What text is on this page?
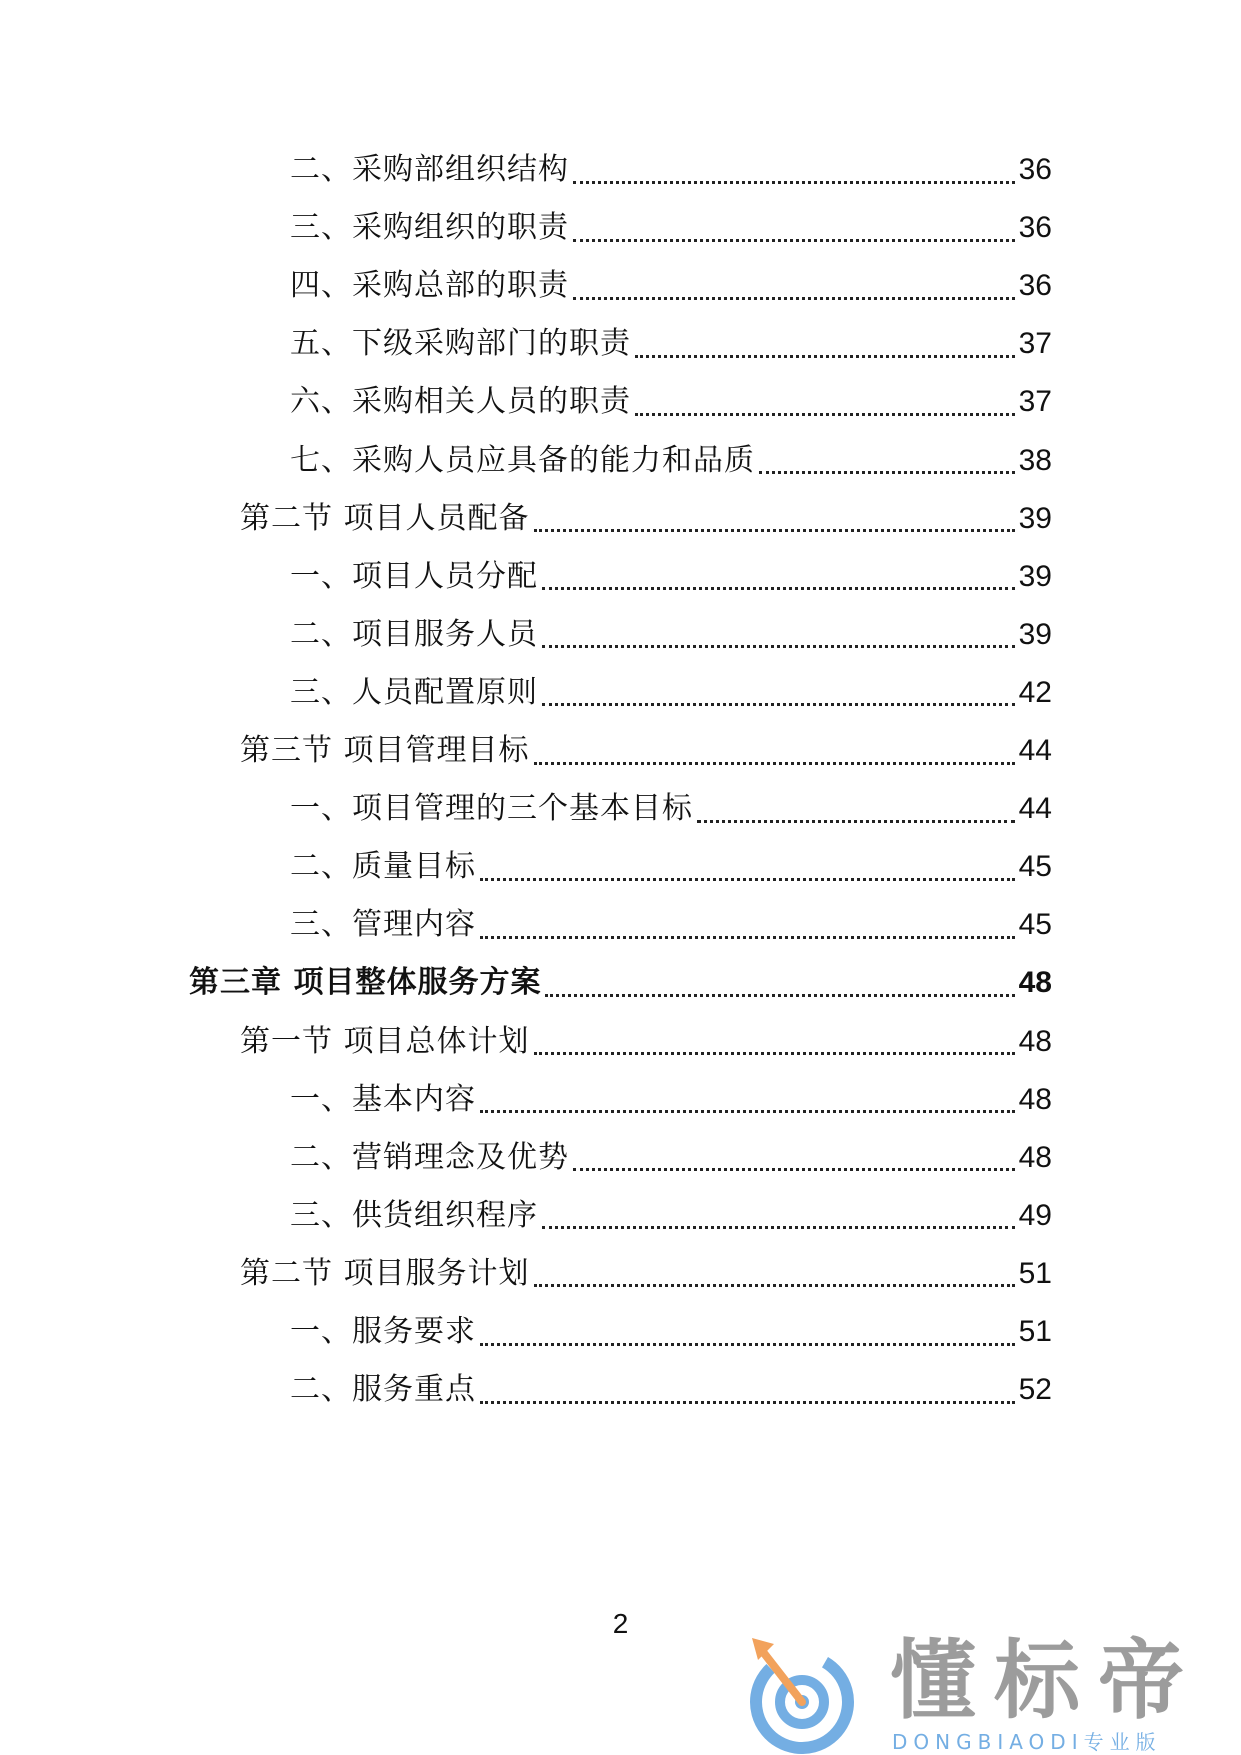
二、采购部组织结构	36
三、采购组织的职责	36
四、采购总部的职责	36
五、下级采购部门的职责	37
六、采购相关人员的职责	37
七、采购人员应具备的能力和品质	38
第二节 项目人员配备	39
一、项目人员分配	39
二、项目服务人员	39
三、人员配置原则	42
第三节 项目管理目标	44
一、项目管理的三个基本目标	44
二、质量目标	45
三、管理内容	45
第三章 项目整体服务方案	48
第一节 项目总体计划	48
一、基本内容	48
二、营销理念及优势	48
三、供货组织程序	49
第二节 项目服务计划	51
一、服务要求	51
二、服务重点	52
2
懂标帝
DONGBIAODI专业版
